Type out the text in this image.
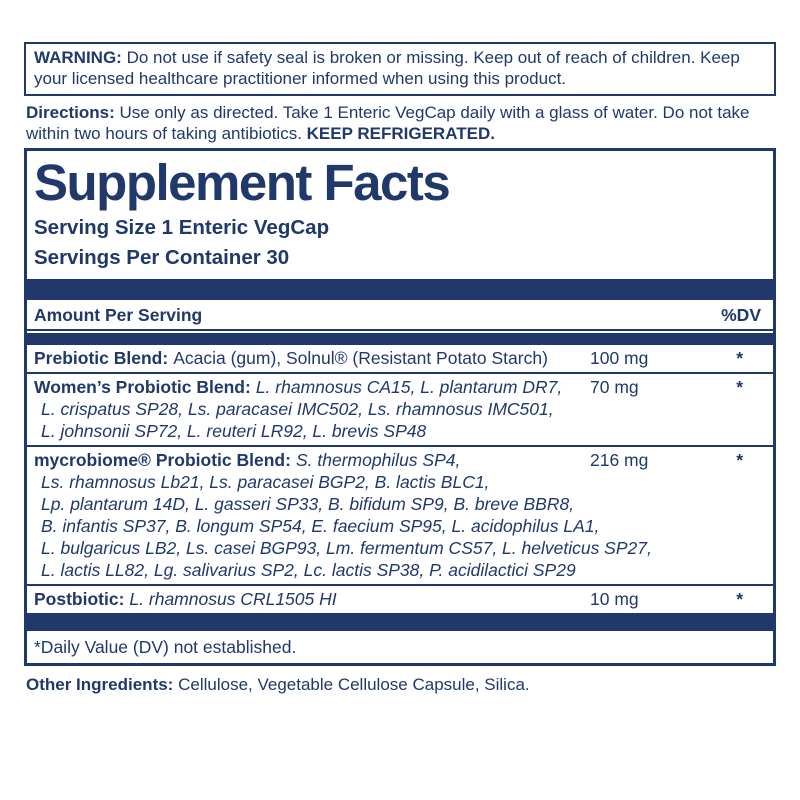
WARNING: Do not use if safety seal is broken or missing. Keep out of reach of children. Keep your licensed healthcare practitioner informed when using this product.
Directions: Use only as directed. Take 1 Enteric VegCap daily with a glass of water. Do not take within two hours of taking antibiotics. KEEP REFRIGERATED.
Supplement Facts
Serving Size 1 Enteric VegCap
Servings Per Container 30
Amount Per Serving	%DV
Prebiotic Blend: Acacia (gum), Solnul® (Resistant Potato Starch)	100 mg	*
Women’s Probiotic Blend: L. rhamnosus CA15, L. plantarum DR7,
L. crispatus SP28, Ls. paracasei IMC502, Ls. rhamnosus IMC501,
L. johnsonii SP72, L. reuteri LR92, L. brevis SP48
70 mg	*
mycrobiome® Probiotic Blend: S. thermophilus SP4,
Ls. rhamnosus Lb21, Ls. paracasei BGP2, B. lactis BLC1,
Lp. plantarum 14D, L. gasseri SP33, B. bifidum SP9, B. breve BBR8,
B. infantis SP37, B. longum SP54, E. faecium SP95, L. acidophilus LA1,
L. bulgaricus LB2, Ls. casei BGP93, Lm. fermentum CS57, L. helveticus SP27,
L. lactis LL82, Lg. salivarius SP2, Lc. lactis SP38, P. acidilactici SP29
216 mg	*
Postbiotic: L. rhamnosus CRL1505 HI	10 mg	*
*Daily Value (DV) not established.
Other Ingredients: Cellulose, Vegetable Cellulose Capsule, Silica.
